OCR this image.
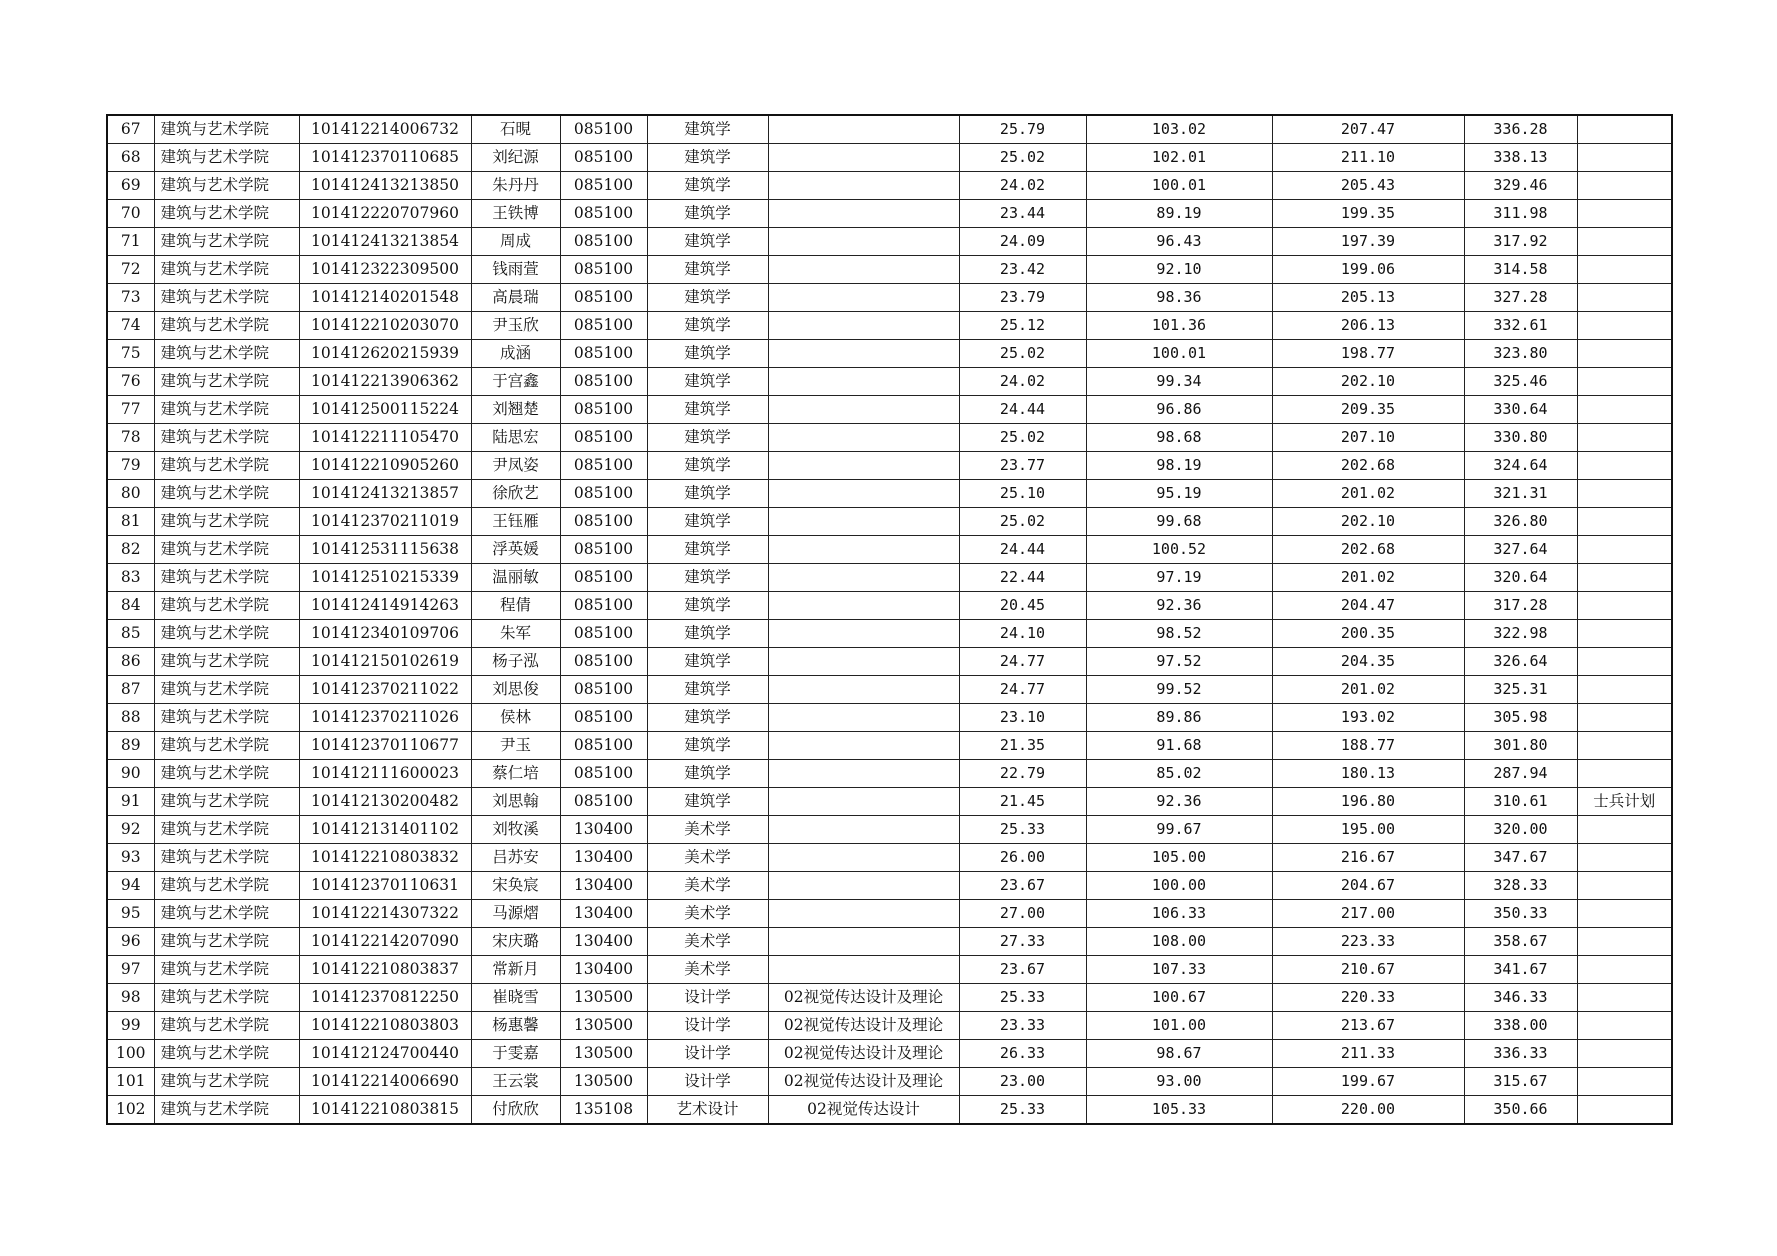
67	建筑与艺术学院	101412214006732	石晛	085100	建筑学		25.79	103.02	207.47	336.28	
68	建筑与艺术学院	101412370110685	刘纪源	085100	建筑学		25.02	102.01	211.10	338.13	
69	建筑与艺术学院	101412413213850	朱丹丹	085100	建筑学		24.02	100.01	205.43	329.46	
70	建筑与艺术学院	101412220707960	王铁博	085100	建筑学		23.44	89.19	199.35	311.98	
71	建筑与艺术学院	101412413213854	周成	085100	建筑学		24.09	96.43	197.39	317.92	
72	建筑与艺术学院	101412322309500	钱雨萱	085100	建筑学		23.42	92.10	199.06	314.58	
73	建筑与艺术学院	101412140201548	高晨瑞	085100	建筑学		23.79	98.36	205.13	327.28	
74	建筑与艺术学院	101412210203070	尹玉欣	085100	建筑学		25.12	101.36	206.13	332.61	
75	建筑与艺术学院	101412620215939	成涵	085100	建筑学		25.02	100.01	198.77	323.80	
76	建筑与艺术学院	101412213906362	于宫鑫	085100	建筑学		24.02	99.34	202.10	325.46	
77	建筑与艺术学院	101412500115224	刘翘楚	085100	建筑学		24.44	96.86	209.35	330.64	
78	建筑与艺术学院	101412211105470	陆思宏	085100	建筑学		25.02	98.68	207.10	330.80	
79	建筑与艺术学院	101412210905260	尹凤姿	085100	建筑学		23.77	98.19	202.68	324.64	
80	建筑与艺术学院	101412413213857	徐欣艺	085100	建筑学		25.10	95.19	201.02	321.31	
81	建筑与艺术学院	101412370211019	王钰雁	085100	建筑学		25.02	99.68	202.10	326.80	
82	建筑与艺术学院	101412531115638	浮英媛	085100	建筑学		24.44	100.52	202.68	327.64	
83	建筑与艺术学院	101412510215339	温丽敏	085100	建筑学		22.44	97.19	201.02	320.64	
84	建筑与艺术学院	101412414914263	程倩	085100	建筑学		20.45	92.36	204.47	317.28	
85	建筑与艺术学院	101412340109706	朱军	085100	建筑学		24.10	98.52	200.35	322.98	
86	建筑与艺术学院	101412150102619	杨子泓	085100	建筑学		24.77	97.52	204.35	326.64	
87	建筑与艺术学院	101412370211022	刘思俊	085100	建筑学		24.77	99.52	201.02	325.31	
88	建筑与艺术学院	101412370211026	侯林	085100	建筑学		23.10	89.86	193.02	305.98	
89	建筑与艺术学院	101412370110677	尹玉	085100	建筑学		21.35	91.68	188.77	301.80	
90	建筑与艺术学院	101412111600023	蔡仁培	085100	建筑学		22.79	85.02	180.13	287.94	
91	建筑与艺术学院	101412130200482	刘思翰	085100	建筑学		21.45	92.36	196.80	310.61	士兵计划
92	建筑与艺术学院	101412131401102	刘牧溪	130400	美术学		25.33	99.67	195.00	320.00	
93	建筑与艺术学院	101412210803832	吕苏安	130400	美术学		26.00	105.00	216.67	347.67	
94	建筑与艺术学院	101412370110631	宋奂宸	130400	美术学		23.67	100.00	204.67	328.33	
95	建筑与艺术学院	101412214307322	马源熠	130400	美术学		27.00	106.33	217.00	350.33	
96	建筑与艺术学院	101412214207090	宋庆璐	130400	美术学		27.33	108.00	223.33	358.67	
97	建筑与艺术学院	101412210803837	常新月	130400	美术学		23.67	107.33	210.67	341.67	
98	建筑与艺术学院	101412370812250	崔晓雪	130500	设计学	02视觉传达设计及理论	25.33	100.67	220.33	346.33	
99	建筑与艺术学院	101412210803803	杨惠馨	130500	设计学	02视觉传达设计及理论	23.33	101.00	213.67	338.00	
100	建筑与艺术学院	101412124700440	于雯嘉	130500	设计学	02视觉传达设计及理论	26.33	98.67	211.33	336.33	
101	建筑与艺术学院	101412214006690	王云裳	130500	设计学	02视觉传达设计及理论	23.00	93.00	199.67	315.67	
102	建筑与艺术学院	101412210803815	付欣欣	135108	艺术设计	02视觉传达设计	25.33	105.33	220.00	350.66	
